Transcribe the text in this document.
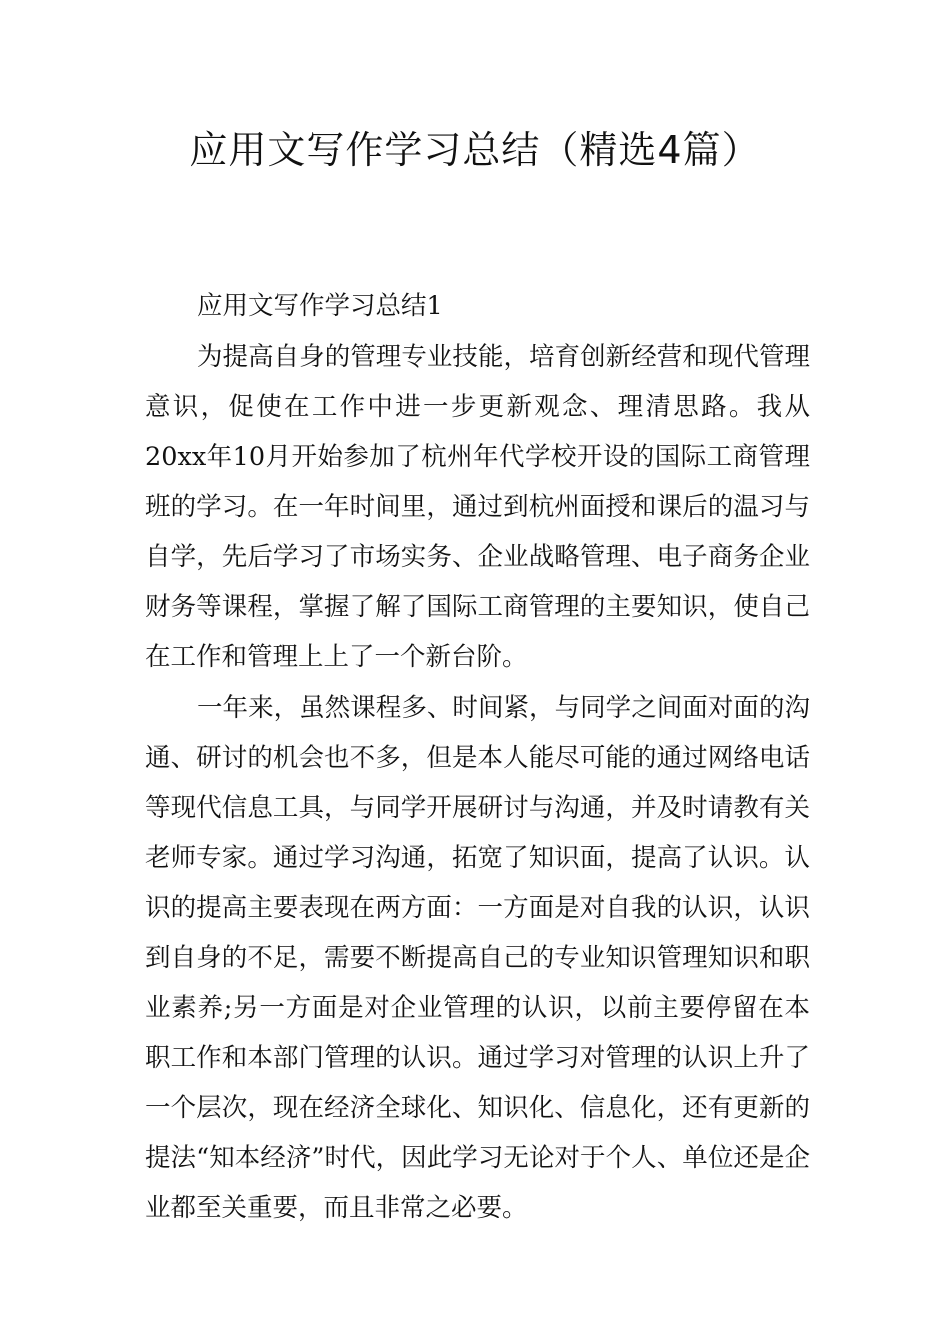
应用文写作学习总结（精选4篇）

应用文写作学习总结1

为提高自身的管理专业技能，培育创新经营和现代管理意识，促使在工作中进一步更新观念、理清思路。我从20xx年10月开始参加了杭州年代学校开设的国际工商管理班的学习。在一年时间里，通过到杭州面授和课后的温习与自学，先后学习了市场实务、企业战略管理、电子商务企业财务等课程，掌握了解了国际工商管理的主要知识，使自己在工作和管理上上了一个新台阶。

一年来，虽然课程多、时间紧，与同学之间面对面的沟通、研讨的机会也不多，但是本人能尽可能的通过网络电话等现代信息工具，与同学开展研讨与沟通，并及时请教有关老师专家。通过学习沟通，拓宽了知识面，提高了认识。认识的提高主要表现在两方面：一方面是对自我的认识，认识到自身的不足，需要不断提高自己的专业知识管理知识和职业素养;另一方面是对企业管理的认识，以前主要停留在本职工作和本部门管理的认识。通过学习对管理的认识上升了一个层次，现在经济全球化、知识化、信息化，还有更新的提法“知本经济”时代，因此学习无论对于个人、单位还是企业都至关重要，而且非常之必要。
